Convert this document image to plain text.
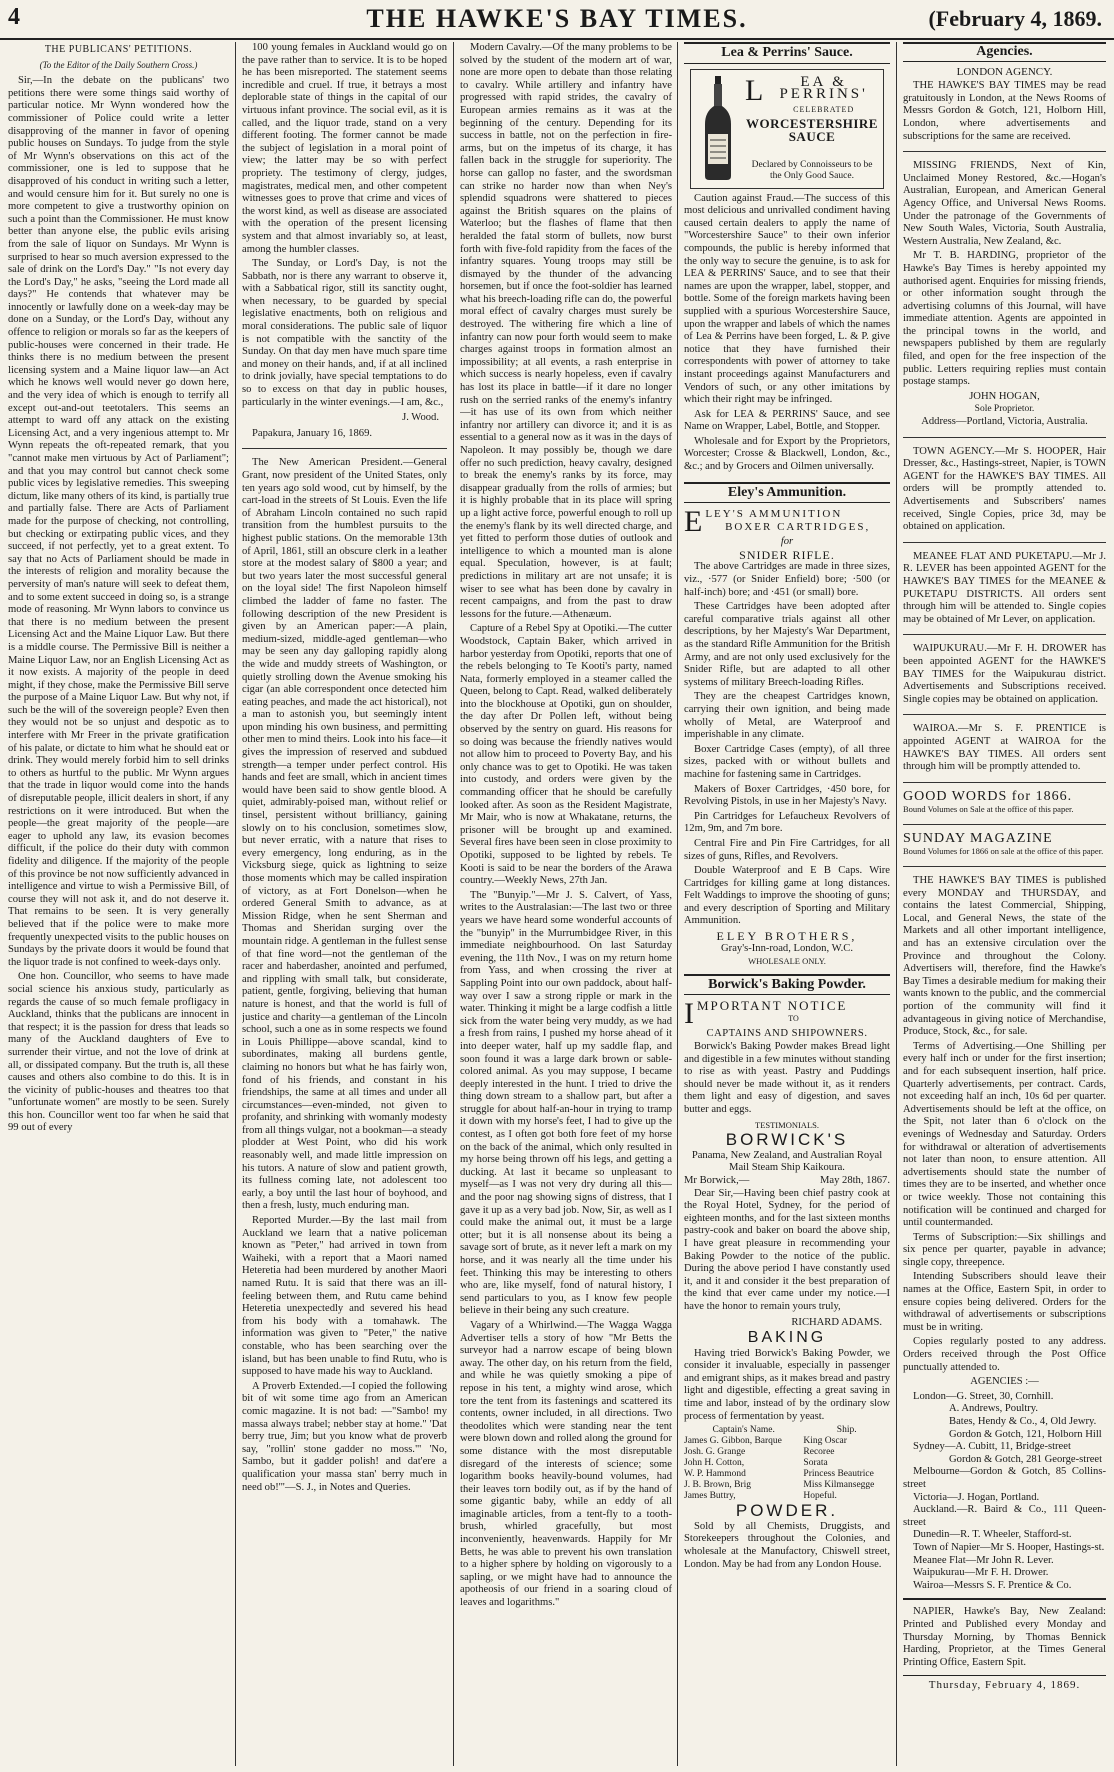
4	THE HAWKE'S BAY TIMES.	(February 4, 1869.
THE PUBLICANS' PETITIONS.
(To the Editor of the Daily Southern Cross.)

Sir,—In the debate on the publicans' two petitions there were some things said worthy of particular notice. Mr Wynn wondered how the commissioner of Police could write a letter disapproving of the manner in favor of opening public houses on Sundays. To judge from the style of Mr Wynn's observations on this act of the commissioner, one is led to suppose that he disapproved of his conduct in writing such a letter, and would censure him for it. But surely no one is more competent to give a trustworthy opinion on such a point than the Commissioner. He must know better than anyone else, the public evils arising from the sale of liquor on Sundays. Mr Wynn is surprised to hear so much aversion expressed to the sale of drink on the Lord's Day." "Is not every day the Lord's Day," he asks, "seeing the Lord made all days?" He contends that whatever may be innocently or lawfully done on a week-day may be done on a Sunday, or the Lord's Day, without any offence to religion or morals so far as the keepers of public-houses were concerned in their trade. He thinks there is no medium between the present licensing system and a Maine liquor law—an Act which he knows well would never go down here, and the very idea of which is enough to terrify all except out-and-out teetotalers. This seems an attempt to ward off any attack on the existing Licensing Act, and a very ingenious attempt to. Mr Wynn repeats the oft-repeated remark, that you "cannot make men virtuous by Act of Parliament"; and that you may control but cannot check some public vices by legislative remedies. This sweeping dictum, like many others of its kind, is partially true and partially false. There are Acts of Parliament made for the purpose of checking, not controlling, but checking or extirpating public vices, and they succeed, if not perfectly, yet to a great extent. To say that no Acts of Parliament should be made in the interests of religion and morality because the perversity of man's nature will seek to defeat them, and to some extent succeed in doing so, is a strange mode of reasoning. Mr Wynn labors to convince us that there is no medium between the present Licensing Act and the Maine Liquor Law. But there is a middle course. The Permissive Bill is neither a Maine Liquor Law, nor an English Licensing Act as it now exists. A majority of the people in deed might, if they chose, make the Permissive Bill serve the purpose of a Maine Liquor Law. But why not, if such be the will of the sovereign people? Even then they would not be so unjust and despotic as to interfere with Mr Freer in the private gratification of his palate, or dictate to him what he should eat or drink. They would merely forbid him to sell drinks to others as hurtful to the public. Mr Wynn argues that the trade in liquor would come into the hands of disreputable people, illicit dealers in short, if any restrictions on it were introduced. But when the people—the great majority of the people—are eager to uphold any law, its evasion becomes difficult, if the police do their duty with common fidelity and diligence. If the majority of the people of this province be not now sufficiently advanced in intelligence and virtue to wish a Permissive Bill, of course they will not ask it, and do not deserve it. That remains to be seen. It is very generally believed that if the police were to make more frequently unexpected visits to the public houses on Sundays by the private doors it would be found that the liquor trade is not confined to week-days only.

One hon. Councillor, who seems to have made social science his anxious study, particularly as regards the cause of so much female profligacy in Auckland, thinks that the publicans are innocent in that respect; it is the passion for dress that leads so many of the Auckland daughters of Eve to surrender their virtue, and not the love of drink at all, or dissipated company. But the truth is, all these causes and others also combine to do this. It is in the vicinity of public-houses and theatres too that "unfortunate women" are mostly to be seen. Surely this hon. Councillor went too far when he said that 99 out of every

100 young females in Auckland would go on the pave rather than to service. It is to be hoped he has been misreported. The statement seems incredible and cruel. If true, it betrays a most deplorable state of things in the capital of our virtuous infant province. The social evil, as it is called, and the liquor trade, stand on a very different footing. The former cannot be made the subject of legislation in a moral point of view; the latter may be so with perfect propriety. The testimony of clergy, judges, magistrates, medical men, and other competent witnesses goes to prove that crime and vices of the worst kind, as well as disease are associated with the operation of the present licensing system and that almost invariably so, at least, among the humbler classes.

The Sunday, or Lord's Day, is not the Sabbath, nor is there any warrant to observe it, with a Sabbatical rigor, still its sanctity ought, when necessary, to be guarded by special legislative enactments, both on religious and moral considerations. The public sale of liquor is not compatible with the sanctity of the Sunday. On that day men have much spare time and money on their hands, and, if at all inclined to drink jovially, have special temptations to do so to excess on that day in public houses, particularly in the winter evenings.—I am, &c.,

J. Wood.

Papakura, January 16, 1869.

The New American President.—General Grant, now president of the United States, only ten years ago sold wood, cut by himself, by the cart-load in the streets of St Louis. Even the life of Abraham Lincoln contained no such rapid transition from the humblest pursuits to the highest public stations. On the memorable 13th of April, 1861, still an obscure clerk in a leather store at the modest salary of $800 a year; and but two years later the most successful general on the loyal side! The first Napoleon himself climbed the ladder of fame no faster. The following description of the new President is given by an American paper:—A plain, medium-sized, middle-aged gentleman—who may be seen any day galloping rapidly along the wide and muddy streets of Washington, or quietly strolling down the Avenue smoking his cigar (an able correspondent once detected him eating peaches, and made the act historical), not a man to astonish you, but seemingly intent upon minding his own business, and permitting other men to mind theirs. Look into his face—it gives the impression of reserved and subdued strength—a temper under perfect control. His hands and feet are small, which in ancient times would have been said to show gentle blood. A quiet, admirably-poised man, without relief or tinsel, persistent without brilliancy, gaining slowly on to his conclusion, sometimes slow, but never erratic, with a nature that rises to every emergency, long enduring, as in the Vicksburg siege, quick as lightning to seize those moments which may be called inspiration of victory, as at Fort Donelson—when he ordered General Smith to advance, as at Mission Ridge, when he sent Sherman and Thomas and Sheridan surging over the mountain ridge. A gentleman in the fullest sense of that fine word—not the gentleman of the racer and haberdasher, anointed and perfumed, and rippling with small talk, but considerate, patient, gentle, forgiving, believing that human nature is honest, and that the world is full of justice and charity—a gentleman of the Lincoln school, such a one as in some respects we found in Louis Phillippe—above scandal, kind to subordinates, making all burdens gentle, claiming no honors but what he has fairly won, fond of his friends, and constant in his friendships, the same at all times and under all circumstances—even-minded, not given to profanity, and shrinking with womanly modesty from all things vulgar, not a bookman—a steady plodder at West Point, who did his work reasonably well, and made little impression on his tutors. A nature of slow and patient growth, its fullness coming late, not adolescent too early, a boy until the last hour of boyhood, and then a fresh, lusty, much enduring man.

Reported Murder.—By the last mail from Auckland we learn that a native policeman known as "Peter," had arrived in town from Waiheki, with a report that a Maori named Heteretia had been murdered by another Maori named Rutu. It is said that there was an ill-feeling between them, and Rutu came behind Heteretia unexpectedly and severed his head from his body with a tomahawk. The information was given to "Peter," the native constable, who has been searching over the island, but has been unable to find Rutu, who is supposed to have made his way to Auckland.

A Proverb Extended.—I copied the following bit of wit some time ago from an American comic magazine. It is not bad: —"Sambo! my massa always trabel; nebber stay at home." 'Dat berry true, Jim; but you know what de proverb say, "rollin' stone gadder no moss."' 'No, Sambo, but it gadder polish! and dat'ere a qualification your massa stan' berry much in need ob!'"—S. J., in Notes and Queries.

Modern Cavalry.—Of the many problems to be solved by the student of the modern art of war, none are more open to debate than those relating to cavalry. While artillery and infantry have progressed with rapid strides, the cavalry of European armies remains as it was at the beginning of the century. Depending for its success in battle, not on the perfection in fire-arms, but on the impetus of its charge, it has fallen back in the struggle for superiority. The horse can gallop no faster, and the swordsman can strike no harder now than when Ney's splendid squadrons were shattered to pieces against the British squares on the plains of Waterloo; but the flashes of flame that then heralded the fatal storm of bullets, now burst forth with five-fold rapidity from the faces of the infantry squares. Young troops may still be dismayed by the thunder of the advancing horsemen, but if once the foot-soldier has learned what his breech-loading rifle can do, the powerful moral effect of cavalry charges must surely be destroyed. The withering fire which a line of infantry can now pour forth would seem to make charges against troops in formation almost an impossibility; at all events, a rash enterprise in which success is nearly hopeless, even if cavalry has lost its place in battle—if it dare no longer rush on the serried ranks of the enemy's infantry—it has use of its own from which neither infantry nor artillery can divorce it; and it is as essential to a general now as it was in the days of Napoleon. It may possibly be, though we dare offer no such prediction, heavy cavalry, designed to break the enemy's ranks by its force, may disappear gradually from the rolls of armies; but it is highly probable that in its place will spring up a light active force, powerful enough to roll up the enemy's flank by its well directed charge, and yet fitted to perform those duties of outlook and intelligence to which a mounted man is alone equal. Speculation, however, is at fault; predictions in military art are not unsafe; it is wiser to see what has been done by cavalry in recent campaigns, and from the past to draw lessons for the future.—Athenæum.

Capture of a Rebel Spy at Opotiki.—The cutter Woodstock, Captain Baker, which arrived in harbor yesterday from Opotiki, reports that one of the rebels belonging to Te Kooti's party, named Nata, formerly employed in a steamer called the Queen, belong to Capt. Read, walked deliberately into the blockhouse at Opotiki, gun on shoulder, the day after Dr Pollen left, without being observed by the sentry on guard. His reasons for so doing was because the friendly natives would not allow him to proceed to Poverty Bay, and his only chance was to get to Opotiki. He was taken into custody, and orders were given by the commanding officer that he should be carefully looked after. As soon as the Resident Magistrate, Mr Mair, who is now at Whakatane, returns, the prisoner will be brought up and examined. Several fires have been seen in close proximity to Opotiki, supposed to be lighted by rebels. Te Kooti is said to be near the borders of the Arawa country.—Weekly News, 27th Jan.

The "Bunyip."—Mr J. S. Calvert, of Yass, writes to the Australasian:—The last two or three years we have heard some wonderful accounts of the "bunyip" in the Murrumbidgee River, in this immediate neighbourhood. On last Saturday evening, the 11th Nov., I was on my return home from Yass, and when crossing the river at Sappling Point into our own paddock, about half-way over I saw a strong ripple or mark in the water. Thinking it might be a large codfish a little sick from the water being very muddy, as we had a fresh from rains, I pushed my horse ahead of it into deeper water, half up my saddle flap, and soon found it was a large dark brown or sable-colored animal. As you may suppose, I became deeply interested in the hunt. I tried to drive the thing down stream to a shallow part, but after a struggle for about half-an-hour in trying to tramp it down with my horse's feet, I had to give up the contest, as I often got both fore feet of my horse on the back of the animal, which only resulted in my horse being thrown off his legs, and getting a ducking. At last it became so unpleasant to myself—as I was not very dry during all this—and the poor nag showing signs of distress, that I gave it up as a very bad job. Now, Sir, as well as I could make the animal out, it must be a large otter; but it is all nonsense about its being a savage sort of brute, as it never left a mark on my horse, and it was nearly all the time under his feet. Thinking this may be interesting to others who are, like myself, fond of natural history, I send particulars to you, as I know few people believe in their being any such creature.

Vagary of a Whirlwind.—The Wagga Wagga Advertiser tells a story of how "Mr Betts the surveyor had a narrow escape of being blown away. The other day, on his return from the field, and while he was quietly smoking a pipe of repose in his tent, a mighty wind arose, which tore the tent from its fastenings and scattered its contents, owner included, in all directions. Two theodolites which were standing near the tent were blown down and rolled along the ground for some distance with the most disreputable disregard of the interests of science; some logarithm books heavily-bound volumes, had their leaves torn bodily out, as if by the hand of some gigantic baby, while an eddy of all imaginable articles, from a tent-fly to a tooth-brush, whirled gracefully, but most inconveniently, heavenwards. Happily for Mr Betts, he was able to prevent his own translation to a higher sphere by holding on vigorously to a sapling, or we might have had to announce the apotheosis of our friend in a soaring cloud of leaves and logarithms."

Lea & Perrins' Sauce.
L EA & PERRINS'
CELEBRATED
WORCESTERSHIRE SAUCE
Declared by Connoisseurs to be the Only Good Sauce.

Caution against Fraud.—The success of this most delicious and unrivalled condiment having caused certain dealers to apply the name of "Worcestershire Sauce" to their own inferior compounds, the public is hereby informed that the only way to secure the genuine, is to ask for LEA & PERRINS' Sauce, and to see that their names are upon the wrapper, label, stopper, and bottle. Some of the foreign markets having been supplied with a spurious Worcestershire Sauce, upon the wrapper and labels of which the names of Lea & Perrins have been forged, L. & P. give notice that they have furnished their correspondents with power of attorney to take instant proceedings against Manufacturers and Vendors of such, or any other imitations by which their right may be infringed.

Ask for LEA & PERRINS' Sauce, and see Name on Wrapper, Label, Bottle, and Stopper.

Wholesale and for Export by the Proprietors, Worcester; Crosse & Blackwell, London, &c., &c.; and by Grocers and Oilmen universally.

Eley's Ammunition.
E LEY'S AMMUNITION
BOXER CARTRIDGES,
for
SNIDER RIFLE.

The above Cartridges are made in three sizes, viz., ·577 (or Snider Enfield) bore; ·500 (or half-inch) bore; and ·451 (or small) bore.

These Cartridges have been adopted after careful comparative trials against all other descriptions, by her Majesty's War Department, as the standard Rifle Ammunition for the British Army, and are not only used exclusively for the Snider Rifle, but are adapted to all other systems of military Breech-loading Rifles.

They are the cheapest Cartridges known, carrying their own ignition, and being made wholly of Metal, are Waterproof and imperishable in any climate.

Boxer Cartridge Cases (empty), of all three sizes, packed with or without bullets and machine for fastening same in Cartridges.

Makers of Boxer Cartridges, ·450 bore, for Revolving Pistols, in use in her Majesty's Navy.

Pin Cartridges for Lefaucheux Revolvers of 12m, 9m, and 7m bore.

Central Fire and Pin Fire Cartridges, for all sizes of guns, Rifles, and Revolvers.

Double Waterproof and E B Caps. Wire Cartridges for killing game at long distances. Felt Waddings to improve the shooting of guns; and every description of Sporting and Military Ammunition.

ELEY BROTHERS,
Gray's-Inn-road, London, W.C.
WHOLESALE ONLY.
Borwick's Baking Powder.
I MPORTANT NOTICE
TO
CAPTAINS AND SHIPOWNERS.

Borwick's Baking Powder makes Bread light and digestible in a few minutes without standing to rise as with yeast. Pastry and Puddings should never be made without it, as it renders them light and easy of digestion, and saves butter and eggs.

TESTIMONIALS.
BORWICK'S
Panama, New Zealand, and Australian Royal Mail Steam Ship Kaikoura.
Mr Borwick,—	May 28th, 1867.

Dear Sir,—Having been chief pastry cook at the Royal Hotel, Sydney, for the period of eighteen months, and for the last sixteen months pastry-cook and baker on board the above ship, I have great pleasure in recommending your Baking Powder to the notice of the public. During the above period I have constantly used it, and it and consider it the best preparation of the kind that ever came under my notice.—I have the honor to remain yours truly,

RICHARD ADAMS.
BAKING

Having tried Borwick's Baking Powder, we consider it invaluable, especially in passenger and emigrant ships, as it makes bread and pastry light and digestible, effecting a great saving in time and labor, instead of by the ordinary slow process of fermentation by yeast.

Captain's Name.	Ship.
James G. Gibbon, Barque	King Oscar
Josh. G. Grange	Recoree
John H. Cotton,	Sorata
W. P. Hammond	Princess Beautrice
J. B. Brown, Brig	Miss Kilmansegge
James Buttry,	Hopeful.
POWDER.

Sold by all Chemists, Druggists, and Storekeepers throughout the Colonies, and wholesale at the Manufactory, Chiswell street, London. May be had from any London House.

Agencies.
LONDON AGENCY.

THE HAWKE'S BAY TIMES may be read gratuitously in London, at the News Rooms of Messrs Gordon & Gotch, 121, Holborn Hill, London, where advertisements and subscriptions for the same are received.

MISSING FRIENDS, Next of Kin, Unclaimed Money Restored, &c.—Hogan's Australian, European, and American General Agency Office, and Universal News Rooms. Under the patronage of the Governments of New South Wales, Victoria, South Australia, Western Australia, New Zealand, &c.

Mr T. B. HARDING, proprietor of the Hawke's Bay Times is hereby appointed my authorised agent. Enquiries for missing friends, or other information sought through the advertising columns of this Journal, will have immediate attention. Agents are appointed in the principal towns in the world, and newspapers published by them are regularly filed, and open for the free inspection of the public. Letters requiring replies must contain postage stamps.

JOHN HOGAN,
Sole Proprietor.
Address—Portland, Victoria, Australia.

TOWN AGENCY.—Mr S. HOOPER, Hair Dresser, &c., Hastings-street, Napier, is TOWN AGENT for the HAWKE'S BAY TIMES. All orders will be promptly attended to. Advertisements and Subscribers' names received, Single Copies, price 3d, may be obtained on application.

MEANEE FLAT AND PUKETAPU.—Mr J. R. LEVER has been appointed AGENT for the HAWKE'S BAY TIMES for the MEANEE & PUKETAPU DISTRICTS. All orders sent through him will be attended to. Single copies may be obtained of Mr Lever, on application.

WAIPUKURAU.—Mr F. H. DROWER has been appointed AGENT for the HAWKE'S BAY TIMES for the Waipukurau district. Advertisements and Subscriptions received. Single copies may be obtained on application.

WAIROA.—Mr S. F. PRENTICE is appointed AGENT at WAIROA for the HAWKE'S BAY TIMES. All orders sent through him will be promptly attended to.

GOOD WORDS for 1866.
Bound Volumes on Sale at the office of this paper.
SUNDAY MAGAZINE
Bound Volumes for 1866 on sale at the office of this paper.

THE HAWKE'S BAY TIMES is published every MONDAY and THURSDAY, and contains the latest Commercial, Shipping, Local, and General News, the state of the Markets and all other important intelligence, and has an extensive circulation over the Province and throughout the Colony. Advertisers will, therefore, find the Hawke's Bay Times a desirable medium for making their wants known to the public, and the commercial portion of the community will find it advantageous in giving notice of Merchandise, Produce, Stock, &c., for sale.

Terms of Advertising.—One Shilling per every half inch or under for the first insertion; and for each subsequent insertion, half price. Quarterly advertisements, per contract. Cards, not exceeding half an inch, 10s 6d per quarter. Advertisements should be left at the office, on the Spit, not later than 6 o'clock on the evenings of Wednesday and Saturday. Orders for withdrawal or alteration of advertisements not later than noon, to ensure attention. All advertisements should state the number of times they are to be inserted, and whether once or twice weekly. Those not containing this notification will be continued and charged for until countermanded.

Terms of Subscription:—Six shillings and six pence per quarter, payable in advance; single copy, threepence.

Intending Subscribers should leave their names at the Office, Eastern Spit, in order to ensure copies being delivered. Orders for the withdrawal of advertisements or subscriptions must be in writing.

Copies regularly posted to any address. Orders received through the Post Office punctually attended to.

AGENCIES :—

London—G. Street, 30, Cornhill.

A. Andrews, Poultry.

Bates, Hendy & Co., 4, Old Jewry.

Gordon & Gotch, 121, Holborn Hill

Sydney—A. Cubitt, 11, Bridge-street

Gordon & Gotch, 281 George-street

Melbourne—Gordon & Gotch, 85 Collins-street

Victoria—J. Hogan, Portland.

Auckland.—R. Baird & Co., 111 Queen-street

Dunedin—R. T. Wheeler, Stafford-st.

Town of Napier—Mr S. Hooper, Hastings-st.

Meanee Flat—Mr John R. Lever.

Waipukurau—Mr F. H. Drower.

Wairoa—Messrs S. F. Prentice & Co.

NAPIER, Hawke's Bay, New Zealand: Printed and Published every Monday and Thursday Morning, by Thomas Bennick Harding, Proprietor, at the Times General Printing Office, Eastern Spit.

Thursday, February 4, 1869.
